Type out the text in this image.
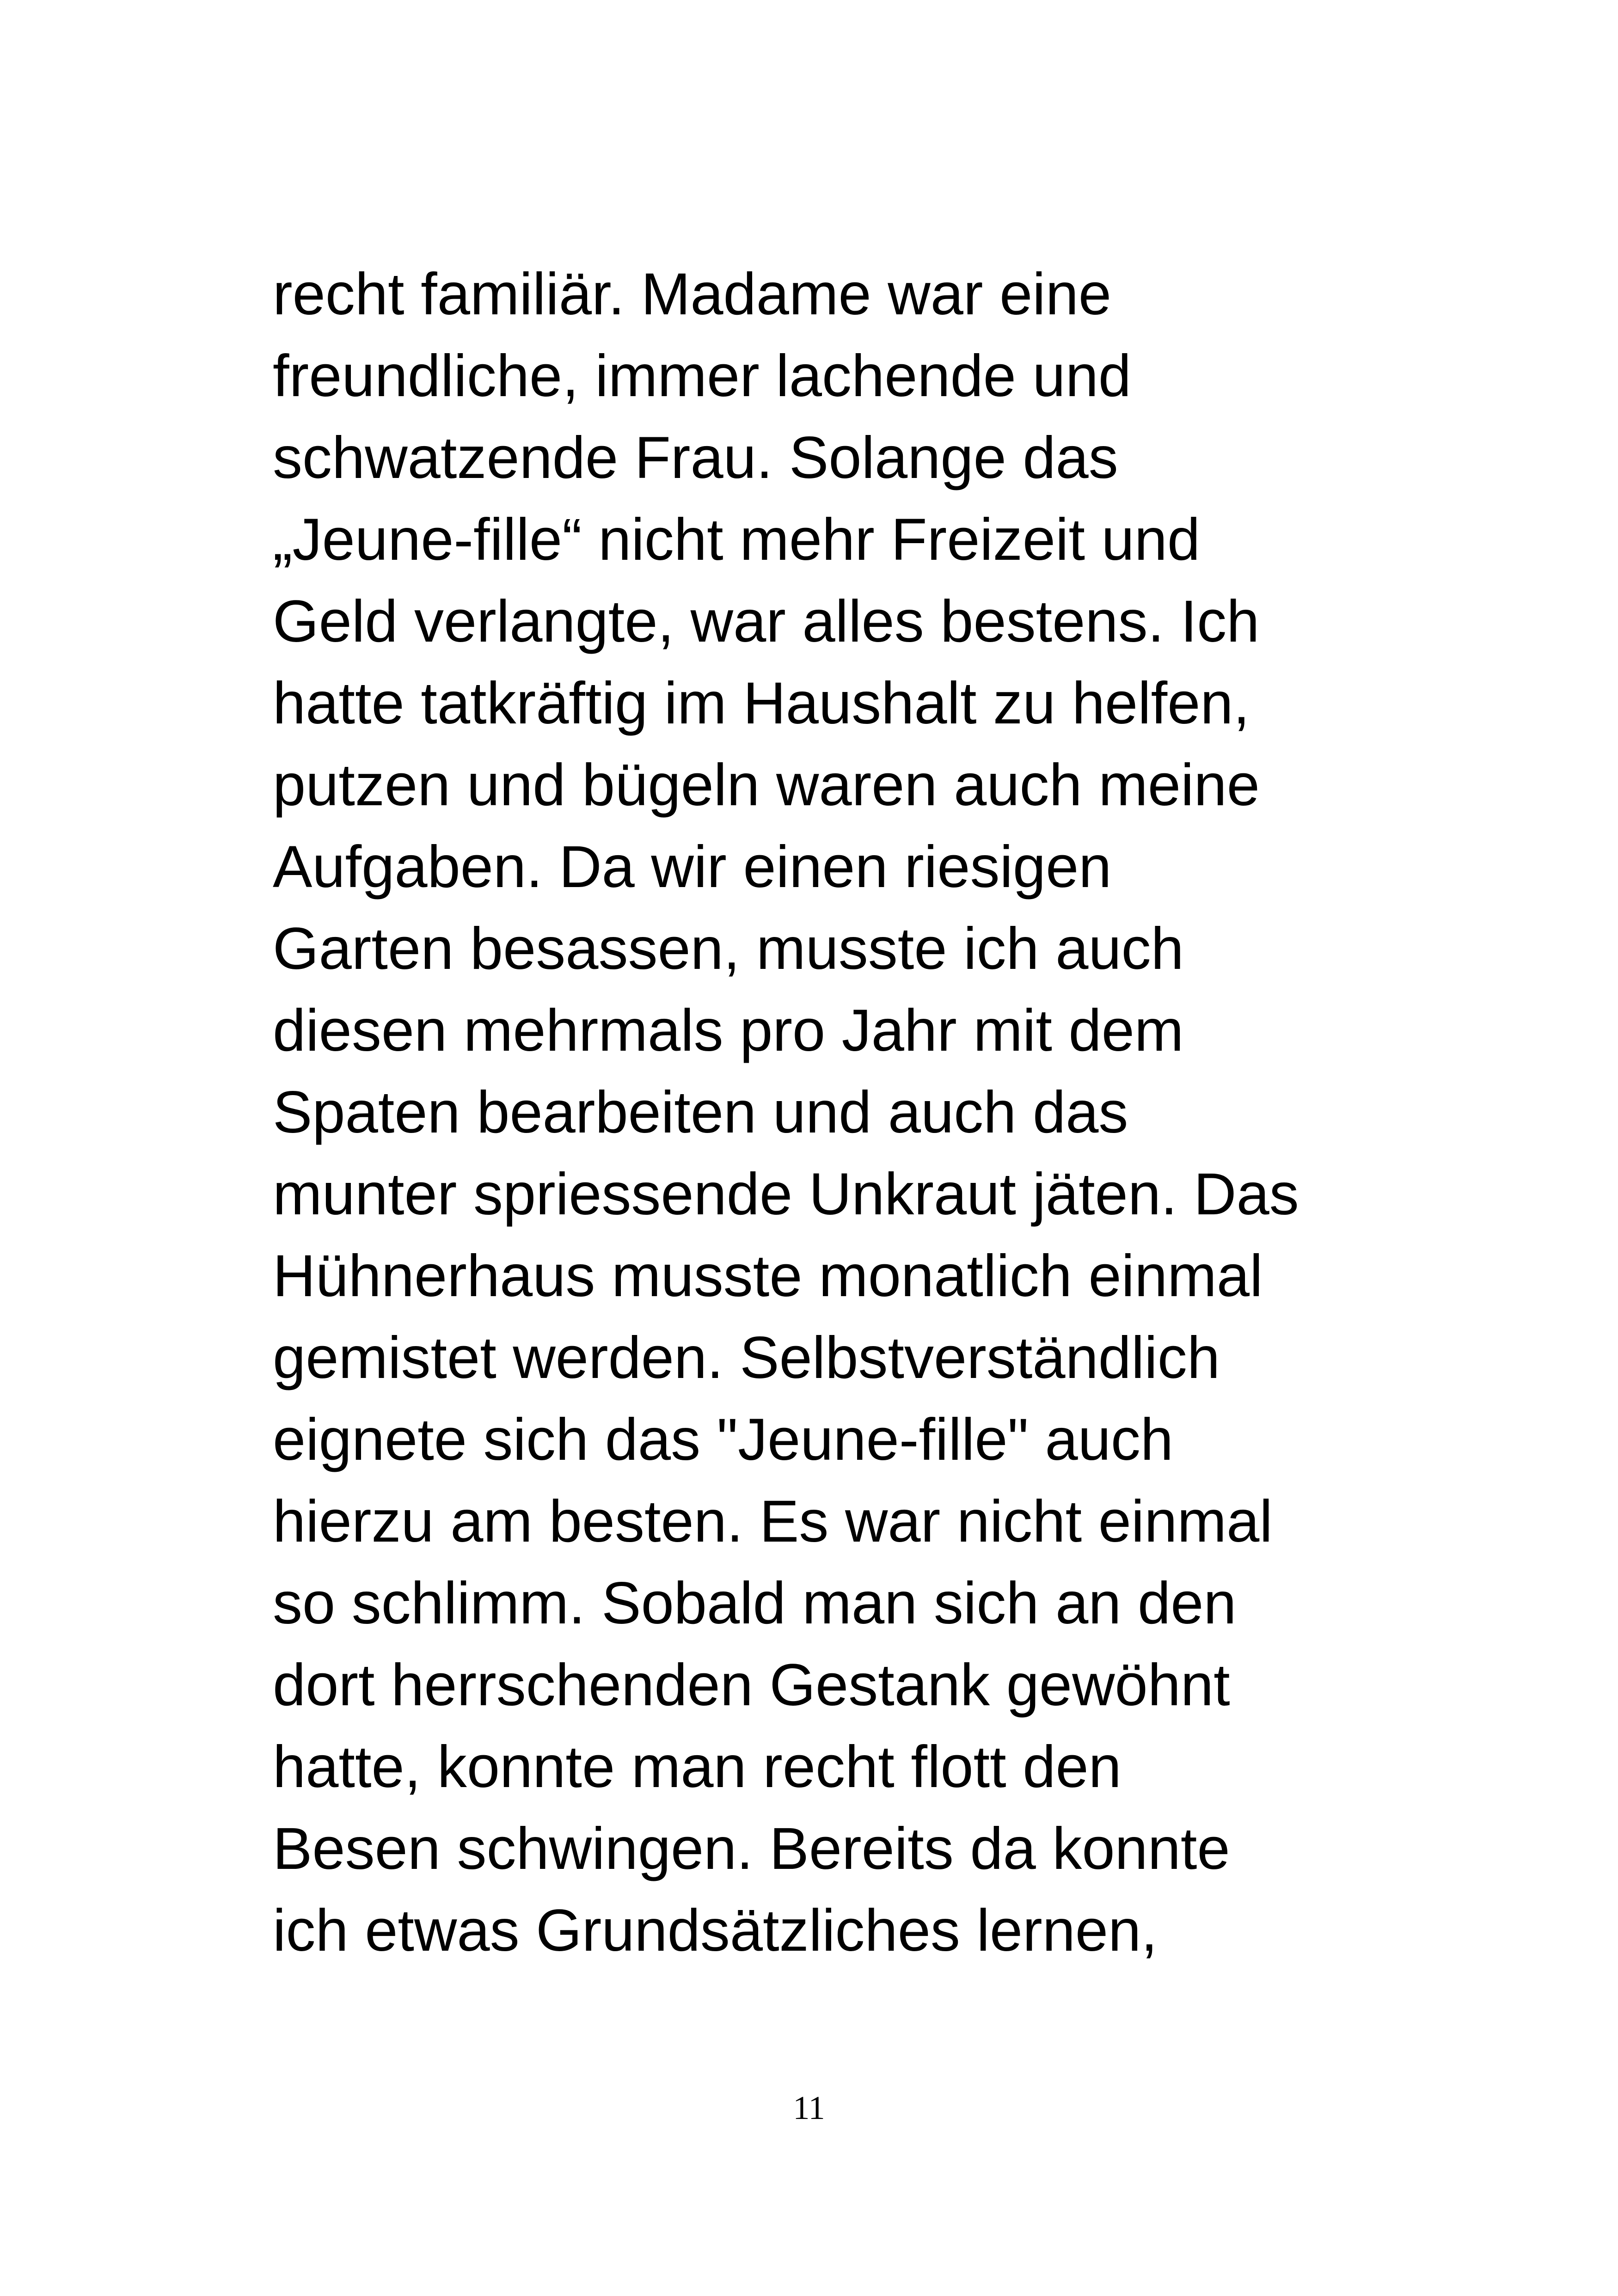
recht familiär. Madame war eine
freundliche, immer lachende und
schwatzende Frau. Solange das
„Jeune-fille“ nicht mehr Freizeit und
Geld verlangte, war alles bestens. Ich
hatte tatkräftig im Haushalt zu helfen,
putzen und bügeln waren auch meine
Aufgaben. Da wir einen riesigen
Garten besassen, musste ich auch
diesen mehrmals pro Jahr mit dem
Spaten bearbeiten und auch das
munter spriessende Unkraut jäten. Das
Hühnerhaus musste monatlich einmal
gemistet werden. Selbstverständlich
eignete sich das "Jeune-fille" auch
hierzu am besten. Es war nicht einmal
so schlimm. Sobald man sich an den
dort herrschenden Gestank gewöhnt
hatte, konnte man recht flott den
Besen schwingen. Bereits da konnte
ich etwas Grundsätzliches lernen,
11
